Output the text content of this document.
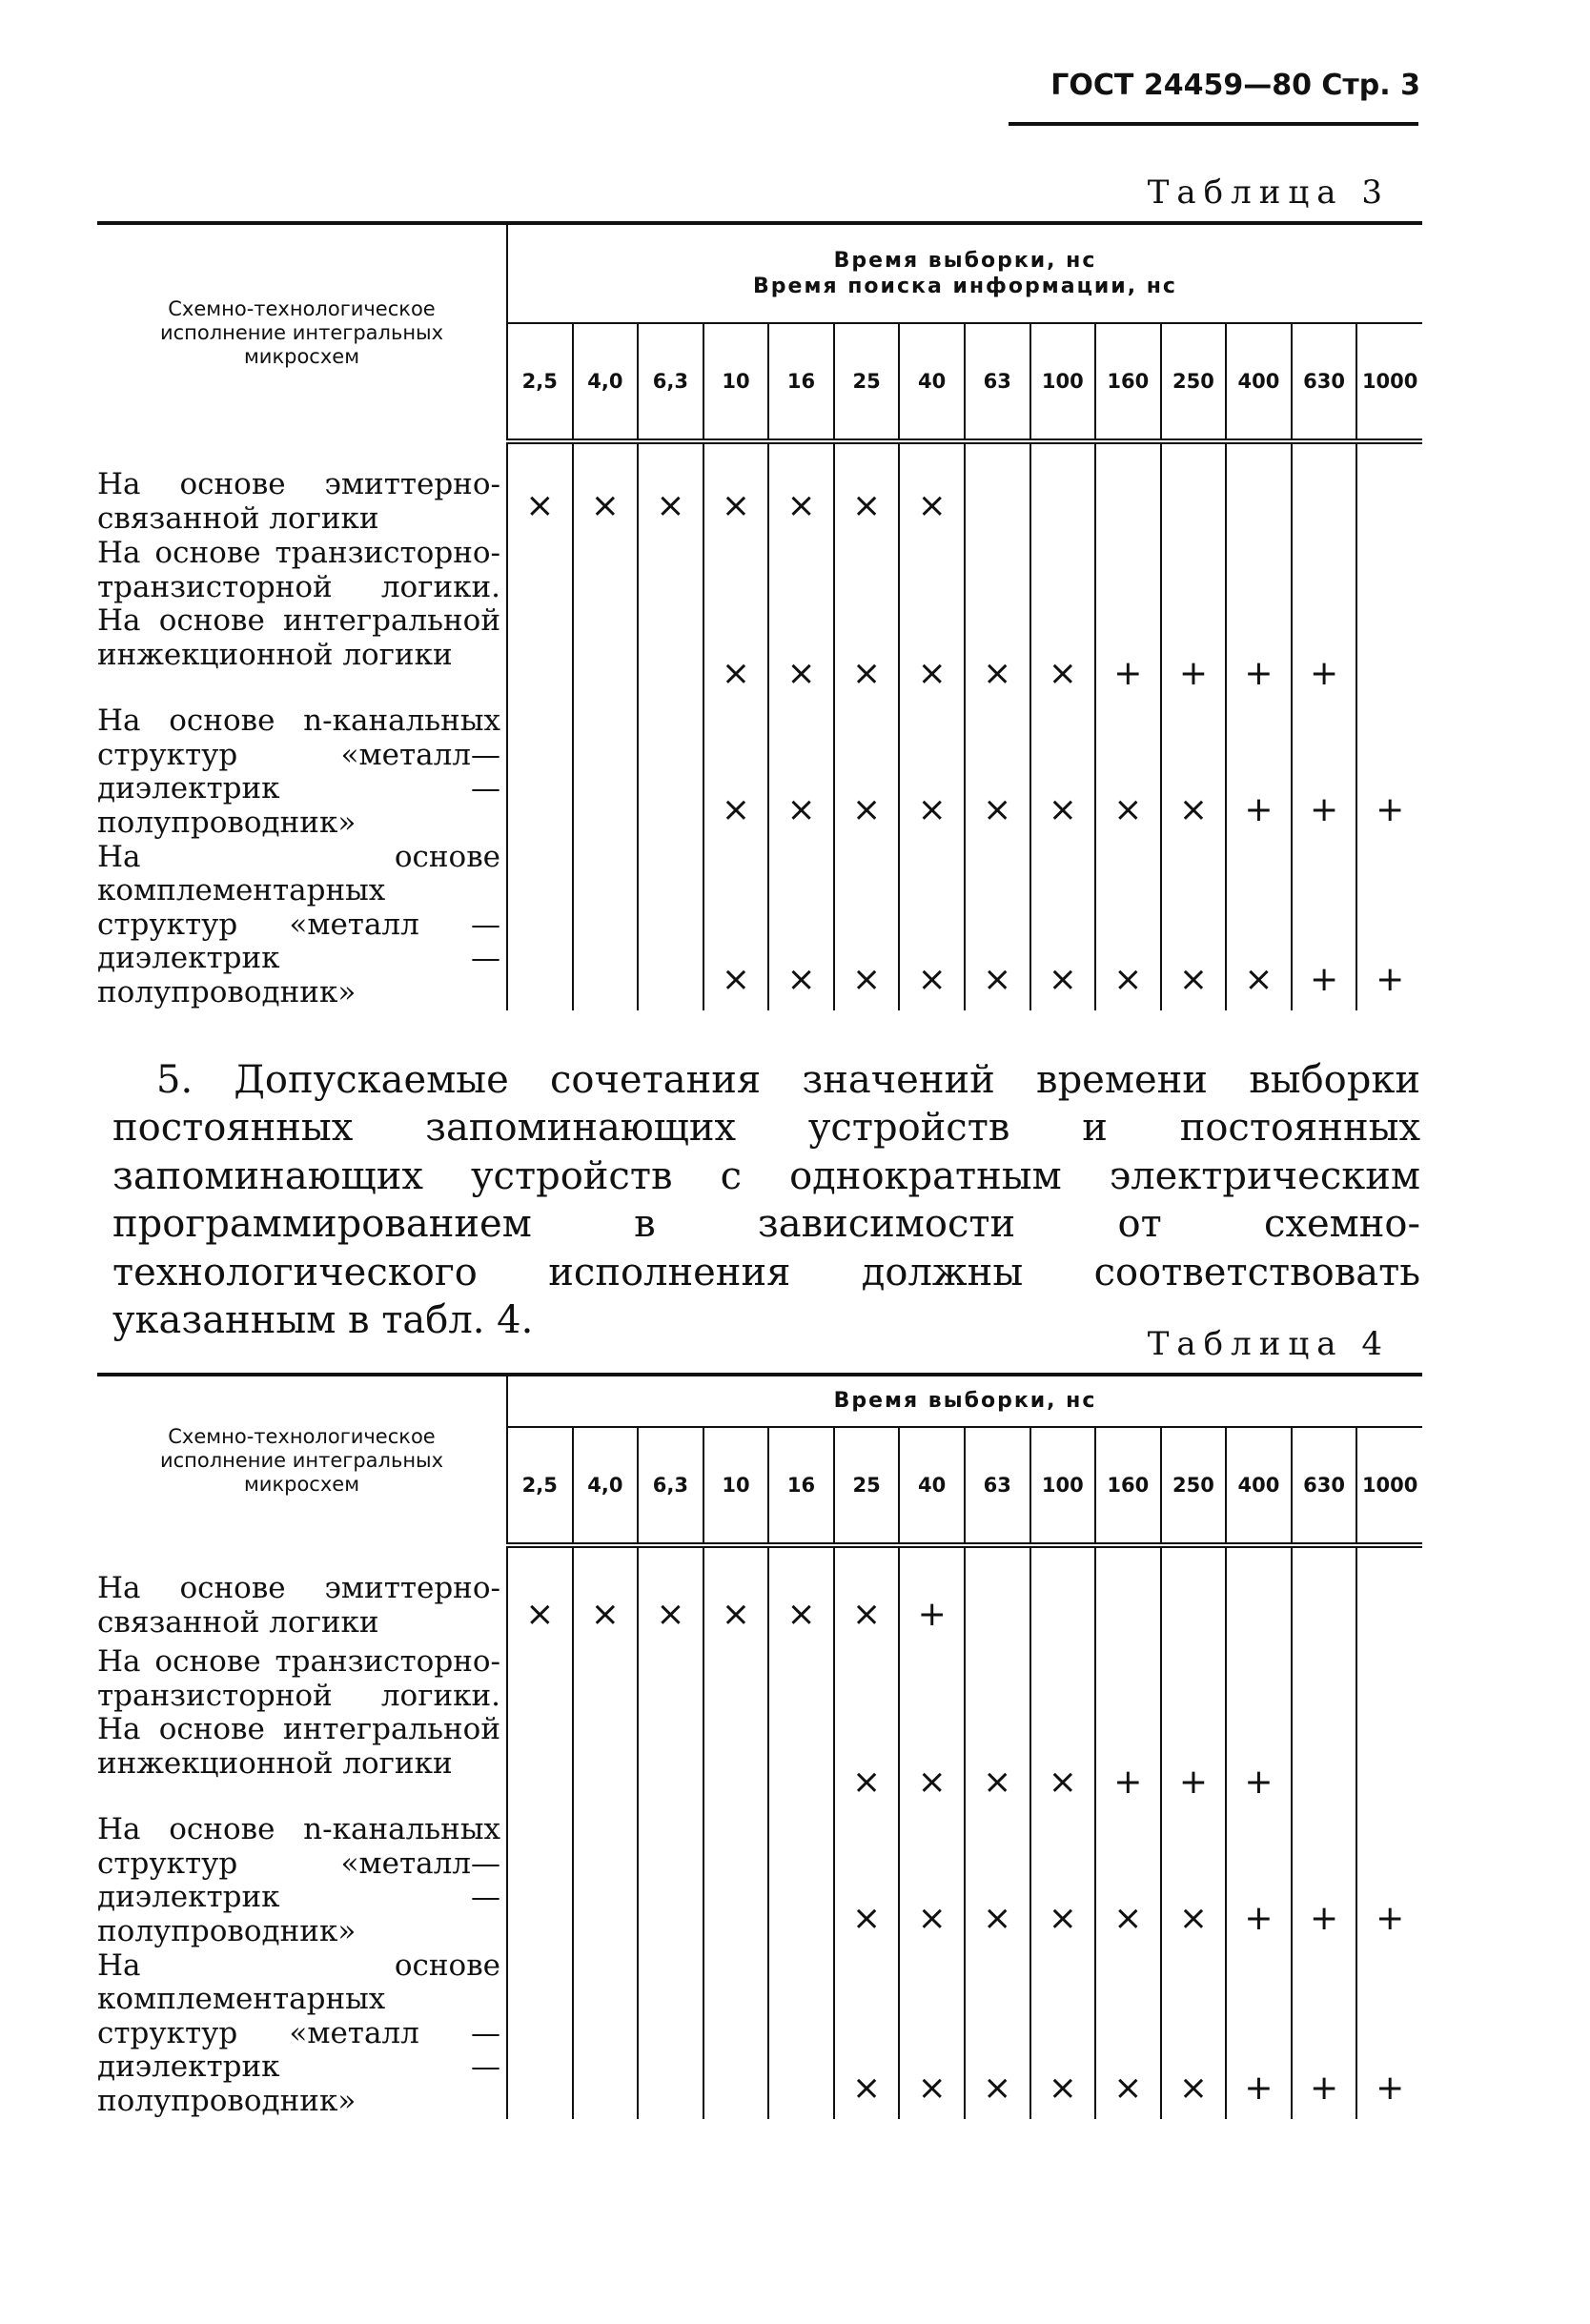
ГОСТ 24459—80 Стр. 3
Таблица 3
Схемно-технологическое исполнение интегральных микросхем	Время выборки, нс
Время поиска информации, нс													

	2,5	4,0	6,3	10	16	25	40	63	100	160	250	400	630	1000
На основе эмиттерно-связанной логики	×	×	×	×	×	×	×							
На основе транзисторно-транзисторной логики. На основе интегральной инжекционной логики				×	×	×	×	×	×	+	+	+	+	
На основе n-канальных структур «металл— диэлектрик — полупроводник»				×	×	×	×	×	×	×	×	+	+	+
На основе комплементарных структур «металл — диэлектрик — полупроводник»				×	×	×	×	×	×	×	×	×	+	+
5. Допускаемые сочетания значений времени выборки постоянных запоминающих устройств и постоянных запоминающих устройств с однократным электрическим программированием в зависимости от схемно-технологического исполнения должны соответствовать указанным в табл. 4.
Таблица 4
Схемно-технологическое исполнение интегральных микросхем	Время выборки, нс													
	2,5	4,0	6,3	10	16	25	40	63	100	160	250	400	630	1000
На основе эмиттерно-связанной логики	×	×	×	×	×	×	+							
На основе транзисторно-транзисторной логики. На основе интегральной инжекционной логики						×	×	×	×	+	+	+		
На основе n-канальных структур «металл— диэлектрик — полупроводник»						×	×	×	×	×	×	+	+	+
На основе комплементарных структур «металл — диэлектрик — полупроводник»						×	×	×	×	×	×	+	+	+
